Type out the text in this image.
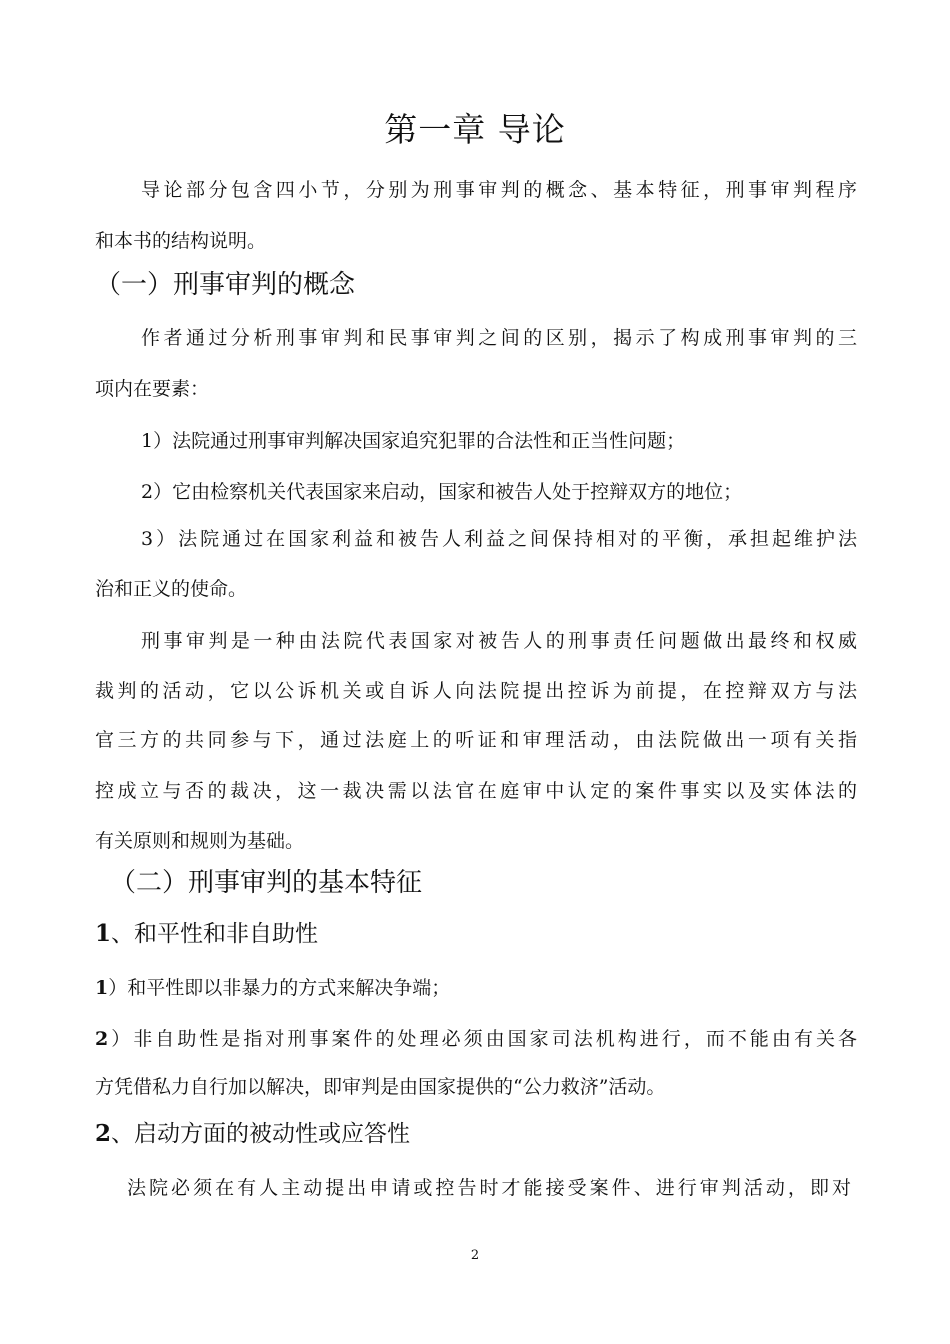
第一章 导论
导论部分包含四小节，分别为刑事审判的概念、基本特征，刑事审判程序
和本书的结构说明。
（一）刑事审判的概念
作者通过分析刑事审判和民事审判之间的区别，揭示了构成刑事审判的三
项内在要素：
1）法院通过刑事审判解决国家追究犯罪的合法性和正当性问题；
2）它由检察机关代表国家来启动，国家和被告人处于控辩双方的地位；
3）法院通过在国家利益和被告人利益之间保持相对的平衡，承担起维护法
治和正义的使命。
刑事审判是一种由法院代表国家对被告人的刑事责任问题做出最终和权威
裁判的活动，它以公诉机关或自诉人向法院提出控诉为前提，在控辩双方与法
官三方的共同参与下，通过法庭上的听证和审理活动，由法院做出一项有关指
控成立与否的裁决，这一裁决需以法官在庭审中认定的案件事实以及实体法的
有关原则和规则为基础。
（二）刑事审判的基本特征
1、和平性和非自助性
1）和平性即以非暴力的方式来解决争端；
2）非自助性是指对刑事案件的处理必须由国家司法机构进行，而不能由有关各
方凭借私力自行加以解决，即审判是由国家提供的“公力救济”活动。
2、启动方面的被动性或应答性
法院必须在有人主动提出申请或控告时才能接受案件、进行审判活动，即对
2
